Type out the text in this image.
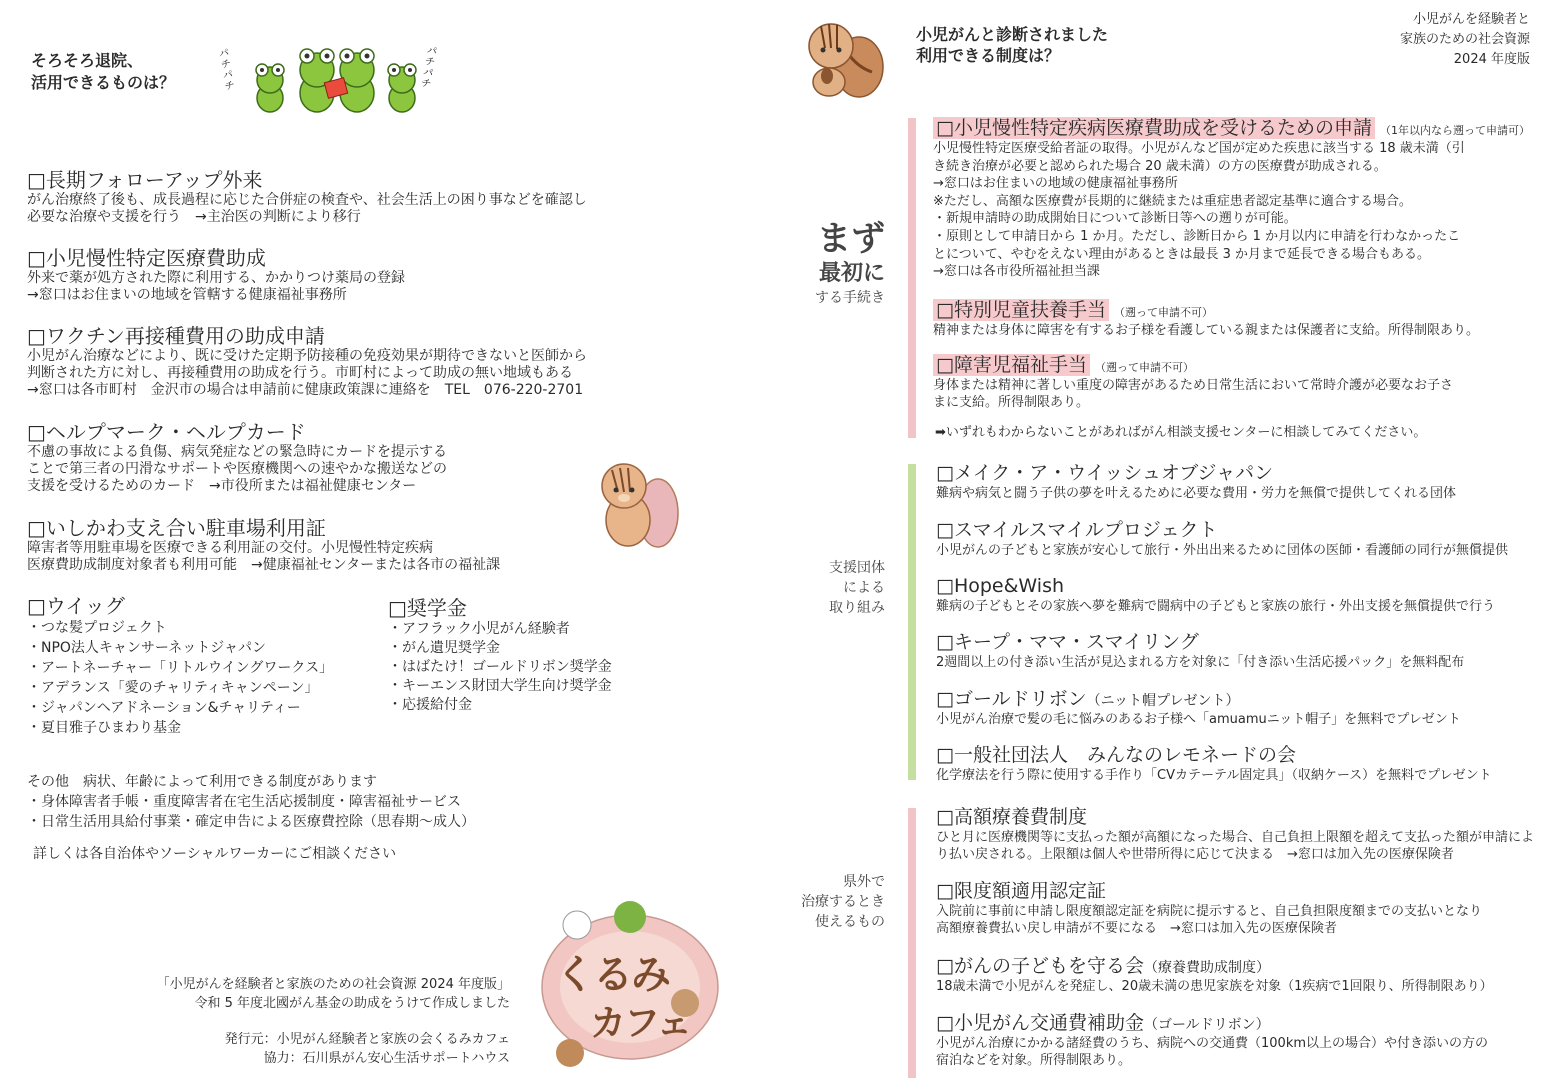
そろそろ退院、
活用できるものは？
パチパチ
パチパチ
□長期フォローアップ外来
がん治療終了後も、成長過程に応じた合併症の検査や、社会生活上の困り事などを確認し
必要な治療や支援を行う　→主治医の判断により移行
□小児慢性特定医療費助成
外来で薬が処方された際に利用する、かかりつけ薬局の登録
→窓口はお住まいの地域を管轄する健康福祉事務所
□ワクチン再接種費用の助成申請
小児がん治療などにより、既に受けた定期予防接種の免疫効果が期待できないと医師から
判断された方に対し、再接種費用の助成を行う。市町村によって助成の無い地域もある
→窓口は各市町村　金沢市の場合は申請前に健康政策課に連絡を　TEL　076-220-2701
□ヘルプマーク・ヘルプカード
不慮の事故による負傷、病気発症などの緊急時にカードを提示する
ことで第三者の円滑なサポートや医療機関への速やかな搬送などの
支援を受けるためのカード　→市役所または福祉健康センター
□いしかわ支え合い駐車場利用証
障害者等用駐車場を医療できる利用証の交付。小児慢性特定疾病
医療費助成制度対象者も利用可能　→健康福祉センターまたは各市の福祉課
□ウイッグ
・つな髪プロジェクト
・NPO法人キャンサーネットジャパン
・アートネーチャー「リトルウイングワークス」
・アデランス「愛のチャリティキャンペーン」
・ジャパンヘアドネーション&チャリティー
・夏目雅子ひまわり基金
□奨学金
・アフラック小児がん経験者
・がん遺児奨学金
・はばたけ！ゴールドリボン奨学金
・キーエンス財団大学生向け奨学金
・応援給付金
その他　病状、年齢によって利用できる制度があります
・身体障害者手帳・重度障害者在宅生活応援制度・障害福祉サービス
・日常生活用具給付事業・確定申告による医療費控除（思春期〜成人）
詳しくは各自治体やソーシャルワーカーにご相談ください
「小児がんを経験者と家族のための社会資源 2024 年度版」
令和 5 年度北國がん基金の助成をうけて作成しました
発行元：小児がん経験者と家族の会くるみカフェ
協力：石川県がん安心生活サポートハウス
くるみ
カフェ
小児がんと診断されました
利用できる制度は？
小児がんを経験者と
家族のための社会資源
2024 年度版
まず
最初に
する手続き
□小児慢性特定疾病医療費助成を受けるための申請 （1年以内なら遡って申請可）
小児慢性特定医療受給者証の取得。小児がんなど国が定めた疾患に該当する 18 歳未満（引
き続き治療が必要と認められた場合 20 歳未満）の方の医療費が助成される。
→窓口はお住まいの地域の健康福祉事務所
※ただし、高額な医療費が長期的に継続または重症患者認定基準に適合する場合。
・新規申請時の助成開始日について診断日等への遡りが可能。
・原則として申請日から 1 か月。ただし、診断日から 1 か月以内に申請を行わなかったこ
とについて、やむをえない理由があるときは最長 3 か月まで延長できる場合もある。
→窓口は各市役所福祉担当課
□特別児童扶養手当 （遡って申請不可）
精神または身体に障害を有するお子様を看護している親または保護者に支給。所得制限あり。
□障害児福祉手当 （遡って申請不可）
身体または精神に著しい重度の障害があるため日常生活において常時介護が必要なお子さ
まに支給。所得制限あり。
➡いずれもわからないことがあればがん相談支援センターに相談してみてください。
支援団体
による
取り組み
□メイク・ア・ウイッシュオブジャパン
難病や病気と闘う子供の夢を叶えるために必要な費用・労力を無償で提供してくれる団体
□スマイルスマイルプロジェクト
小児がんの子どもと家族が安心して旅行・外出出来るために団体の医師・看護師の同行が無償提供
□Hope&Wish
難病の子どもとその家族へ夢を難病で闘病中の子どもと家族の旅行・外出支援を無償提供で行う
□キープ・ママ・スマイリング
2週間以上の付き添い生活が見込まれる方を対象に「付き添い生活応援パック」を無料配布
□ゴールドリボン（ニット帽プレゼント）
小児がん治療で髪の毛に悩みのあるお子様へ「amuamuニット帽子」を無料でプレゼント
□一般社団法人　みんなのレモネードの会
化学療法を行う際に使用する手作り「CVカテーテル固定具」（収納ケース）を無料でプレゼント
県外で
治療するとき
使えるもの
□高額療養費制度
ひと月に医療機関等に支払った額が高額になった場合、自己負担上限額を超えて支払った額が申請によ
り払い戻される。上限額は個人や世帯所得に応じて決まる　→窓口は加入先の医療保険者
□限度額適用認定証
入院前に事前に申請し限度額認定証を病院に提示すると、自己負担限度額までの支払いとなり
高額療養費払い戻し申請が不要になる　→窓口は加入先の医療保険者
□がんの子どもを守る会（療養費助成制度）
18歳未満で小児がんを発症し、20歳未満の患児家族を対象（1疾病で1回限り、所得制限あり）
□小児がん交通費補助金（ゴールドリボン）
小児がん治療にかかる諸経費のうち、病院への交通費（100km以上の場合）や付き添いの方の
宿泊などを対象。所得制限あり。
